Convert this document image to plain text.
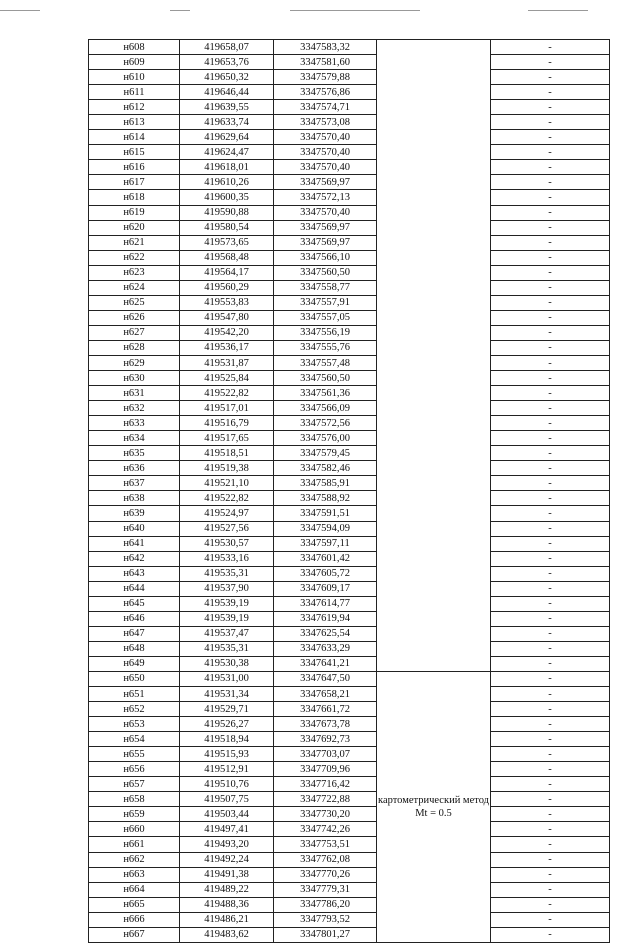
н608	419658,07	3347583,32		-
н609	419653,76	3347581,60		-
н610	419650,32	3347579,88		-
н611	419646,44	3347576,86		-
н612	419639,55	3347574,71		-
н613	419633,74	3347573,08		-
н614	419629,64	3347570,40		-
н615	419624,47	3347570,40		-
н616	419618,01	3347570,40		-
н617	419610,26	3347569,97		-
н618	419600,35	3347572,13		-
н619	419590,88	3347570,40		-
н620	419580,54	3347569,97		-
н621	419573,65	3347569,97		-
н622	419568,48	3347566,10		-
н623	419564,17	3347560,50		-
н624	419560,29	3347558,77		-
н625	419553,83	3347557,91		-
н626	419547,80	3347557,05		-
н627	419542,20	3347556,19		-
н628	419536,17	3347555,76		-
н629	419531,87	3347557,48		-
н630	419525,84	3347560,50		-
н631	419522,82	3347561,36		-
н632	419517,01	3347566,09		-
н633	419516,79	3347572,56		-
н634	419517,65	3347576,00		-
н635	419518,51	3347579,45		-
н636	419519,38	3347582,46		-
н637	419521,10	3347585,91		-
н638	419522,82	3347588,92		-
н639	419524,97	3347591,51		-
н640	419527,56	3347594,09		-
н641	419530,57	3347597,11		-
н642	419533,16	3347601,42		-
н643	419535,31	3347605,72		-
н644	419537,90	3347609,17		-
н645	419539,19	3347614,77		-
н646	419539,19	3347619,94		-
н647	419537,47	3347625,54		-
н648	419535,31	3347633,29		-
н649	419530,38	3347641,21		-
н650	419531,00	3347647,50	картометрический метод Mt = 0.5	-
н651	419531,34	3347658,21		-
н652	419529,71	3347661,72		-
н653	419526,27	3347673,78		-
н654	419518,94	3347692,73		-
н655	419515,93	3347703,07		-
н656	419512,91	3347709,96		-
н657	419510,76	3347716,42		-
н658	419507,75	3347722,88		-
н659	419503,44	3347730,20		-
н660	419497,41	3347742,26		-
н661	419493,20	3347753,51		-
н662	419492,24	3347762,08		-
н663	419491,38	3347770,26		-
н664	419489,22	3347779,31		-
н665	419488,36	3347786,20		-
н666	419486,21	3347793,52		-
н667	419483,62	3347801,27		-
